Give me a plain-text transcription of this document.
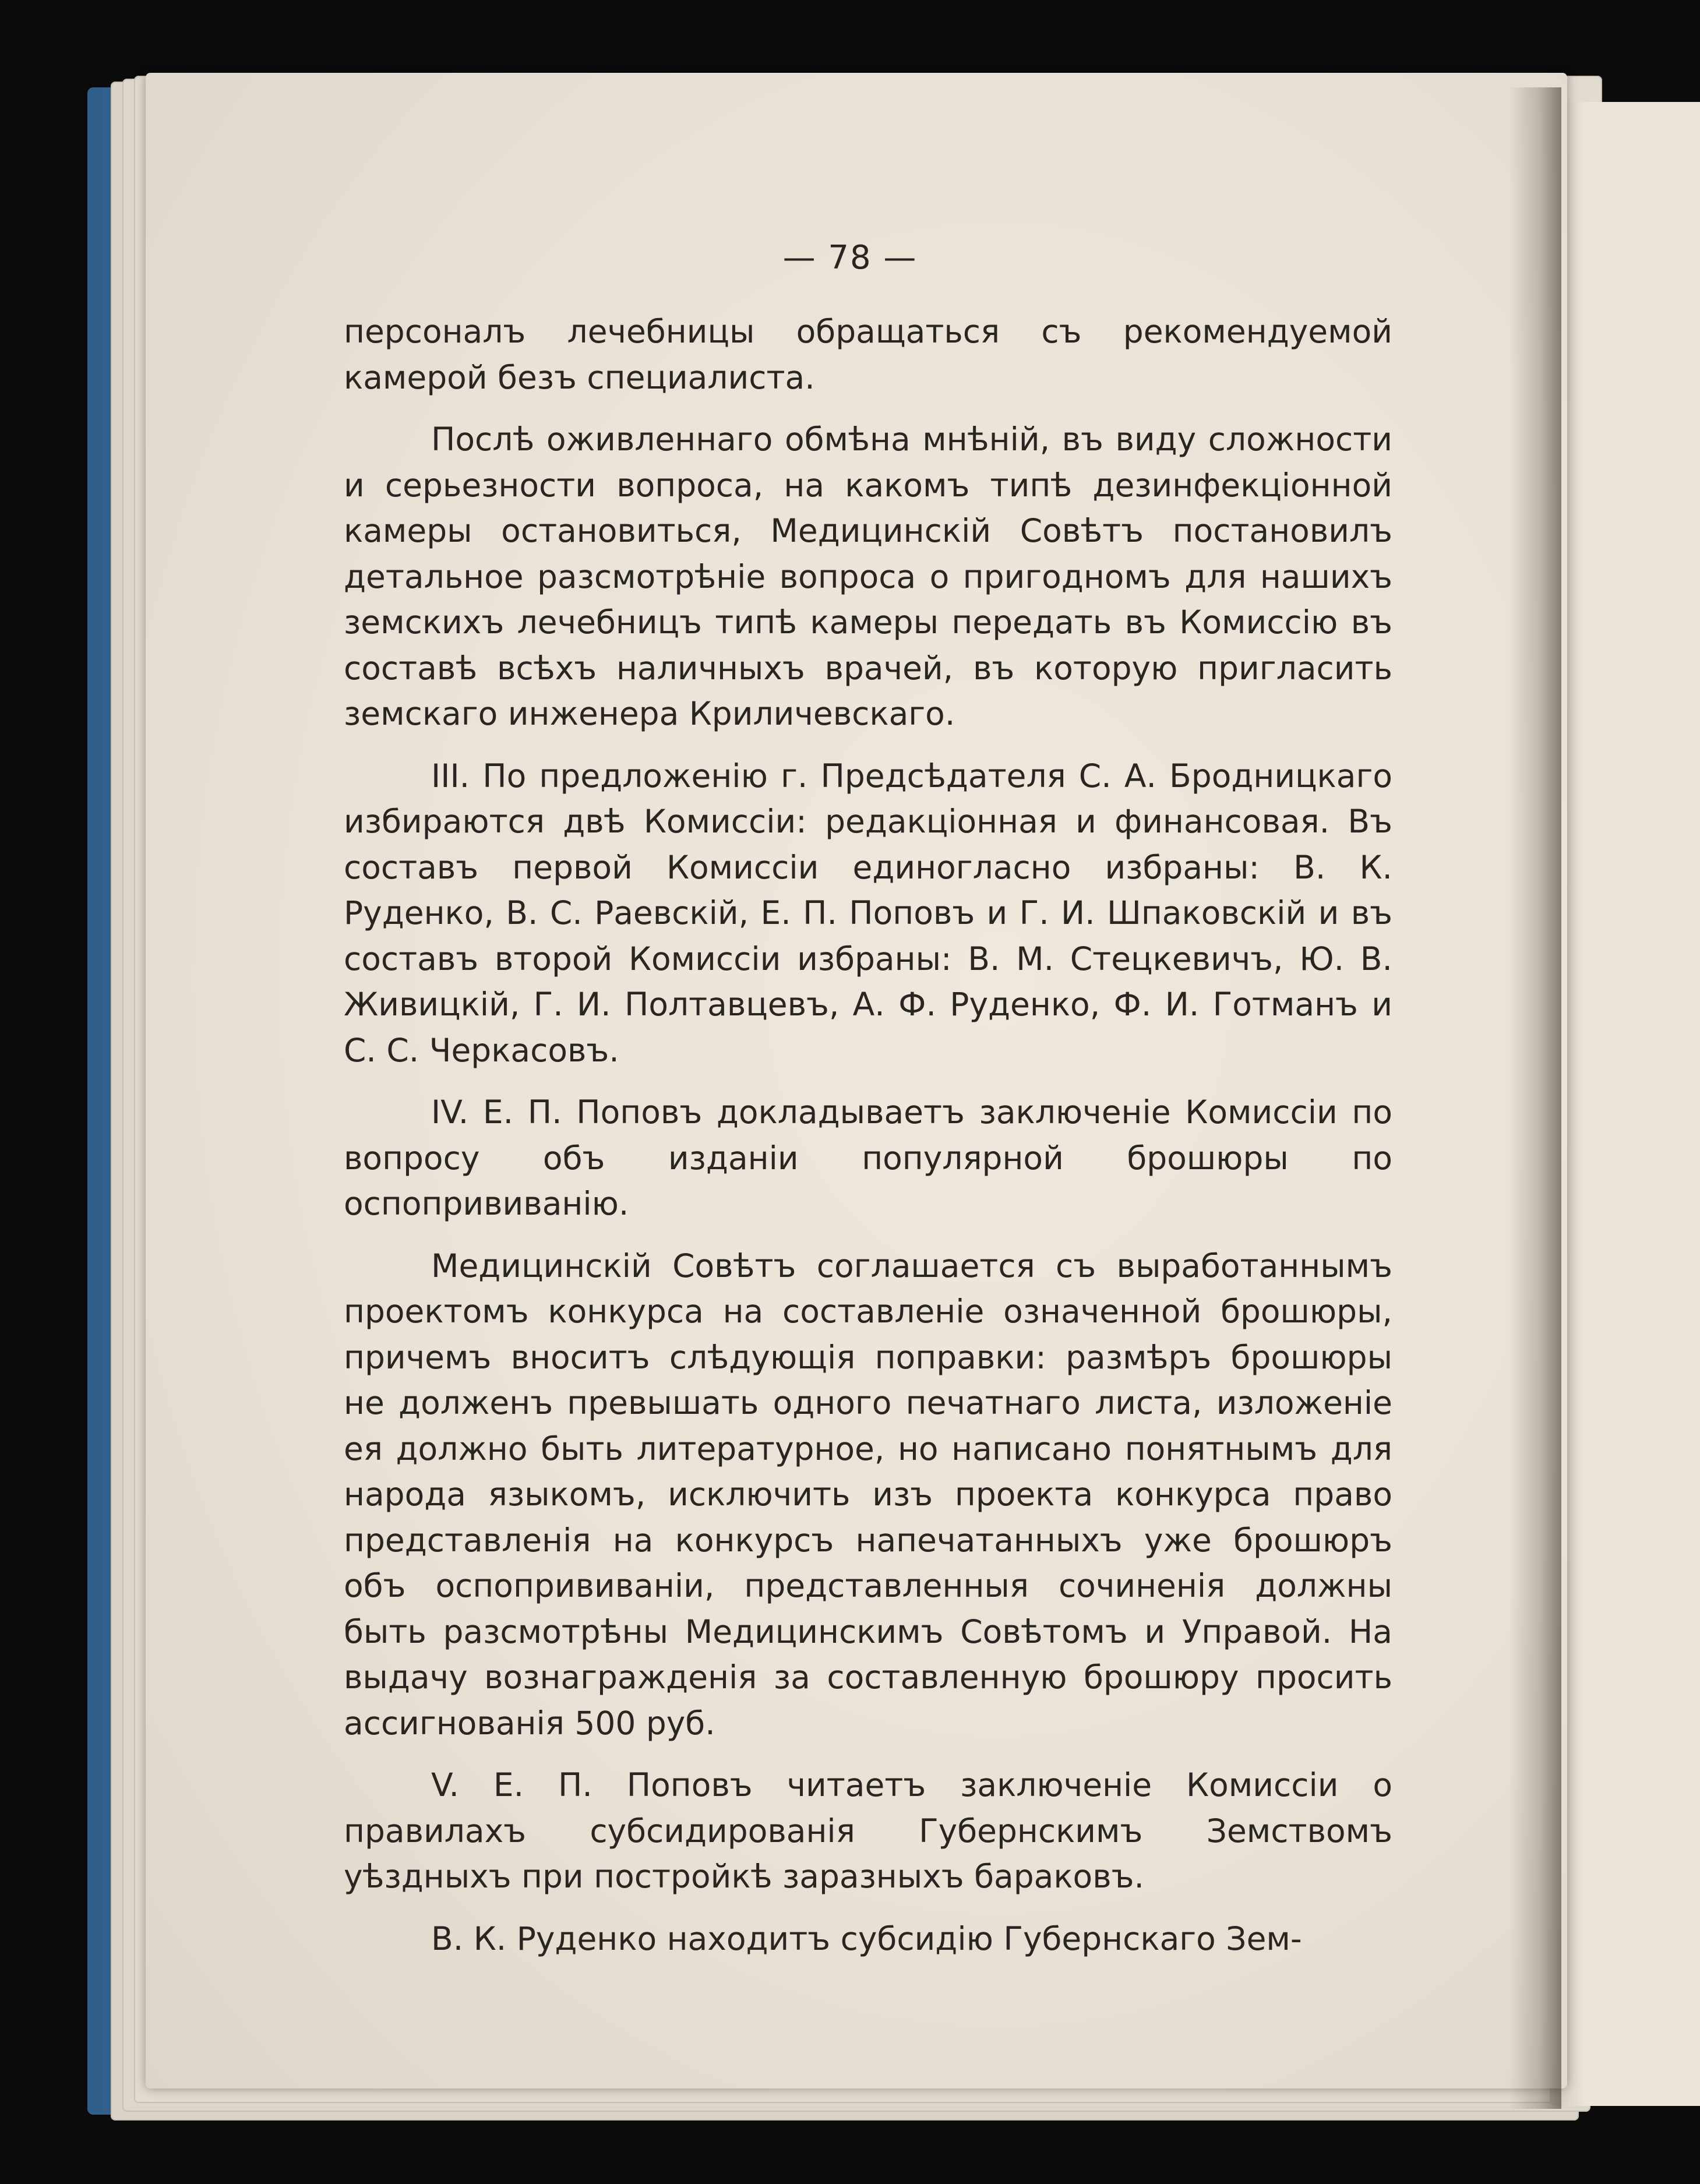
— 78 —

персоналъ лечебницы обращаться съ рекомендуемой камерой безъ специалиста.

Послѣ оживленнаго обмѣна мнѣній, въ виду сложности и серьезности вопроса, на какомъ типѣ дезинфекціонной камеры остановиться, Медицинскій Совѣтъ постановилъ детальное разсмотрѣніе вопроса о пригодномъ для нашихъ земскихъ лечебницъ типѣ камеры передать въ Комиссію въ составѣ всѣхъ наличныхъ врачей, въ которую пригласить земскаго инженера Криличевскаго.

III. По предложенію г. Предсѣдателя С. А. Бродницкаго избираются двѣ Комиссіи: редакціонная и финансовая. Въ составъ первой Комиссіи единогласно избраны: В. К. Руденко, В. С. Раевскій, Е. П. Поповъ и Г. И. Шпаковскій и въ составъ второй Комиссіи избраны: В. М. Стецкевичъ, Ю. В. Живицкій, Г. И. Полтавцевъ, А. Ф. Руденко, Ф. И. Готманъ и С. С. Черкасовъ.

IV. Е. П. Поповъ докладываетъ заключеніе Комиссіи по вопросу объ изданіи популярной брошюры по оспопрививанію.

Медицинскій Совѣтъ соглашается съ выработаннымъ проектомъ конкурса на составленіе означенной брошюры, причемъ вноситъ слѣдующія поправки: размѣръ брошюры не долженъ превышать одного печатнаго листа, изложеніе ея должно быть литературное, но написано понятнымъ для народа языкомъ, исключить изъ проекта конкурса право представленія на конкурсъ напечатанныхъ уже брошюръ объ оспопрививаніи, представленныя сочиненія должны быть разсмотрѣны Медицинскимъ Совѣтомъ и Управой. На выдачу вознагражденія за составленную брошюру просить ассигнованія 500 руб.

V. Е. П. Поповъ читаетъ заключеніе Комиссіи о правилахъ субсидированія Губернскимъ Земствомъ уѣздныхъ при постройкѣ заразныхъ бараковъ.

В. К. Руденко находитъ субсидію Губернскаго Зем-
